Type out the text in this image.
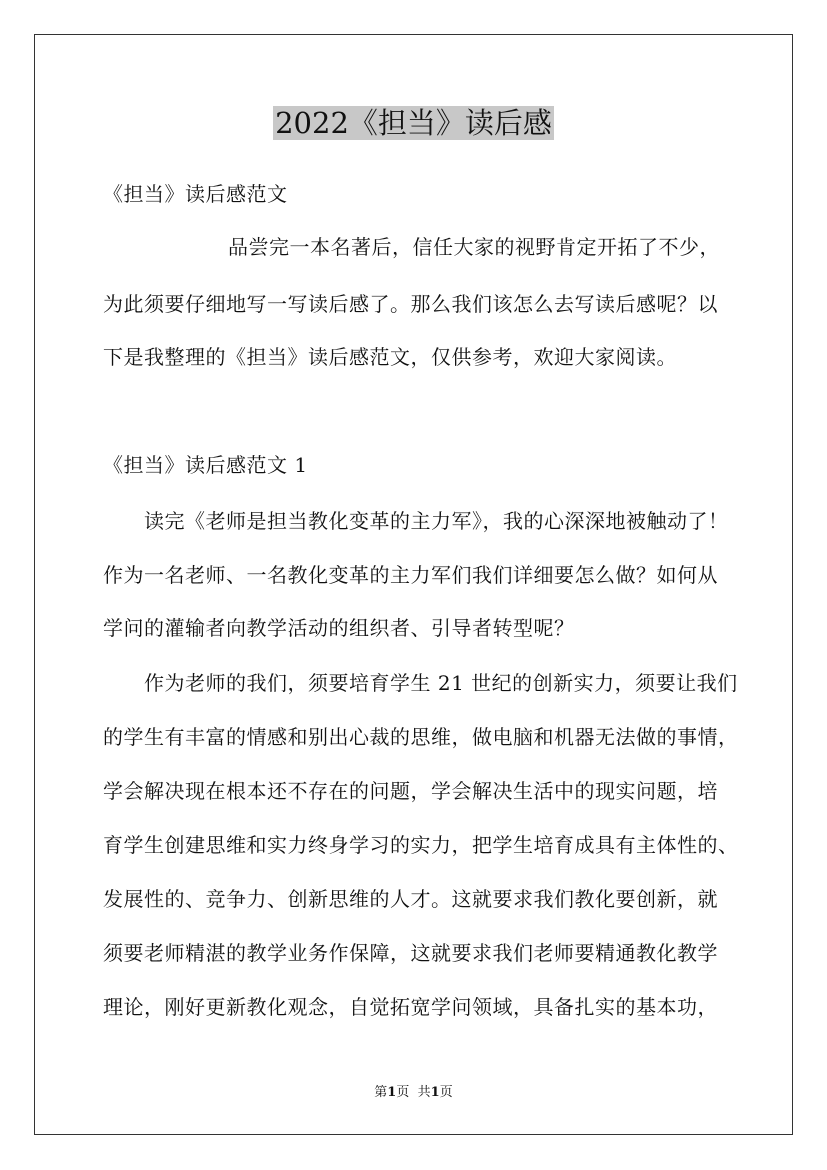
2022《担当》读后感
《担当》读后感范文
品尝完一本名著后，信任大家的视野肯定开拓了不少，
为此须要仔细地写一写读后感了。那么我们该怎么去写读后感呢？以
下是我整理的《担当》读后感范文，仅供参考，欢迎大家阅读。
《担当》读后感范文 1
读完《老师是担当教化变革的主力军》，我的心深深地被触动了！
作为一名老师、一名教化变革的主力军们我们详细要怎么做？如何从
学问的灌输者向教学活动的组织者、引导者转型呢？
作为老师的我们，须要培育学生 21 世纪的创新实力，须要让我们
的学生有丰富的情感和别出心裁的思维，做电脑和机器无法做的事情，
学会解决现在根本还不存在的问题，学会解决生活中的现实问题，培
育学生创建思维和实力终身学习的实力，把学生培育成具有主体性的、
发展性的、竞争力、创新思维的人才。这就要求我们教化要创新，就
须要老师精湛的教学业务作保障，这就要求我们老师要精通教化教学
理论，刚好更新教化观念，自觉拓宽学问领域，具备扎实的基本功，
第1页 共1页
